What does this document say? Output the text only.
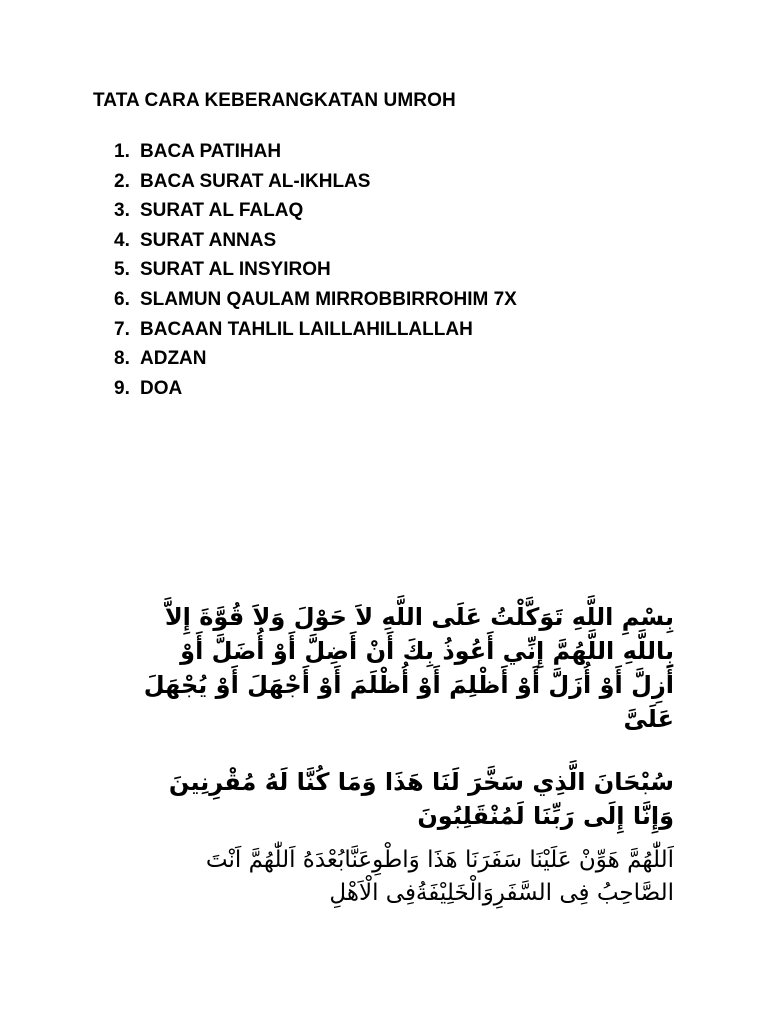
TATA CARA KEBERANGKATAN UMROH
1. BACA PATIHAH
2. BACA SURAT AL-IKHLAS
3. SURAT AL FALAQ
4. SURAT ANNAS
5. SURAT AL INSYIROH
6. SLAMUN QAULAM MIRROBBIRROHIM 7X
7. BACAAN TAHLIL LAILLAHILLALLAH
8. ADZAN
9. DOA

بِسْمِ اللَّهِ تَوَكَّلْتُ عَلَى اللَّهِ لاَ حَوْلَ وَلاَ قُوَّةَ إِلاَّ بِاللَّهِ اللَّهُمَّ إِنِّي أَعُوذُ بِكَ أَنْ أَضِلَّ أَوْ أُضَلَّ أَوْ أَزِلَّ أَوْ أُزَلَّ أَوْ أَظْلِمَ أَوْ أُظْلَمَ أَوْ أَجْهَلَ أَوْ يُجْهَلَ عَلَىَّ

سُبْحَانَ الَّذِي سَخَّرَ لَنَا هَذَا وَمَا كُنَّا لَهُ مُقْرِنِينَ وَإِنَّا إِلَى رَبِّنَا لَمُنْقَلِبُونَ

اَللّٰهُمَّ هَوِّنْ عَلَيْنَا سَفَرَنَا هَذَا وَاطْوِعَنَّابُعْدَهُ اَللّٰهُمَّ اَنْتَ الصَّاحِبُ فِى السَّفَرِوَالْخَلِيْفَةُفِى الْاَهْلِ
